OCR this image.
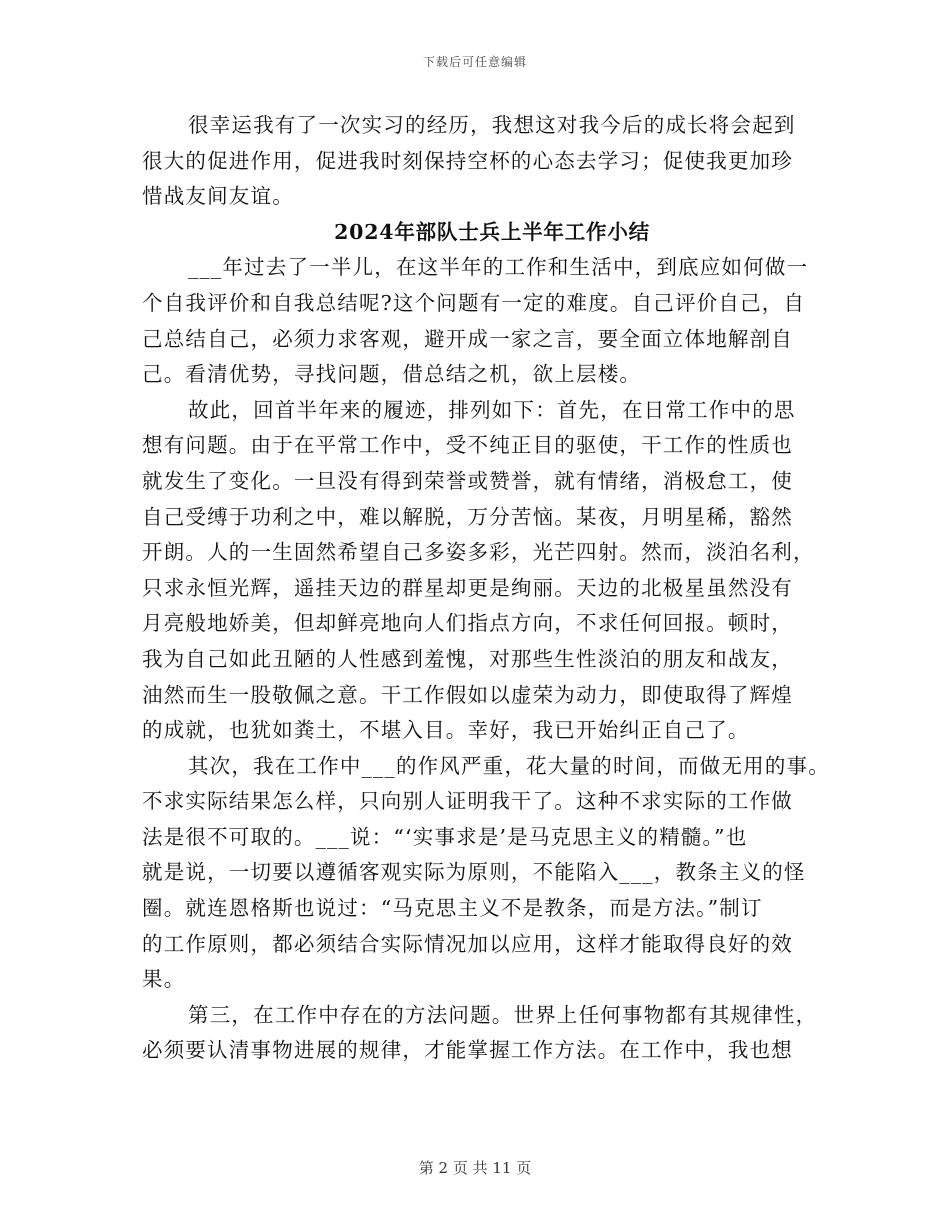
下载后可任意编辑
很幸运我有了一次实习的经历，我想这对我今后的成长将会起到
很大的促进作用，促进我时刻保持空杯的心态去学习；促使我更加珍
惜战友间友谊。
2024年部队士兵上半年工作小结
___年过去了一半儿，在这半年的工作和生活中，到底应如何做一
个自我评价和自我总结呢?这个问题有一定的难度。自己评价自己，自
己总结自己，必须力求客观，避开成一家之言，要全面立体地解剖自
己。看清优势，寻找问题，借总结之机，欲上层楼。
故此，回首半年来的履迹，排列如下：首先，在日常工作中的思
想有问题。由于在平常工作中，受不纯正目的驱使，干工作的性质也
就发生了变化。一旦没有得到荣誉或赞誉，就有情绪，消极怠工，使
自己受缚于功利之中，难以解脱，万分苦恼。某夜，月明星稀，豁然
开朗。人的一生固然希望自己多姿多彩，光芒四射。然而，淡泊名利，
只求永恒光辉，遥挂天边的群星却更是绚丽。天边的北极星虽然没有
月亮般地娇美，但却鲜亮地向人们指点方向，不求任何回报。顿时，
我为自己如此丑陋的人性感到羞愧，对那些生性淡泊的朋友和战友，
油然而生一股敬佩之意。干工作假如以虚荣为动力，即使取得了辉煌
的成就，也犹如粪土，不堪入目。幸好，我已开始纠正自己了。
其次，我在工作中___的作风严重，花大量的时间，而做无用的事。
不求实际结果怎么样，只向别人证明我干了。这种不求实际的工作做
法是很不可取的。___说：“‘实事求是’是马克思主义的精髓。”也
就是说，一切要以遵循客观实际为原则，不能陷入___，教条主义的怪
圈。就连恩格斯也说过：“马克思主义不是教条，而是方法。”制订
的工作原则，都必须结合实际情况加以应用，这样才能取得良好的效
果。
第三，在工作中存在的方法问题。世界上任何事物都有其规律性，
必须要认清事物进展的规律，才能掌握工作方法。在工作中，我也想
第 2 页 共 11 页
